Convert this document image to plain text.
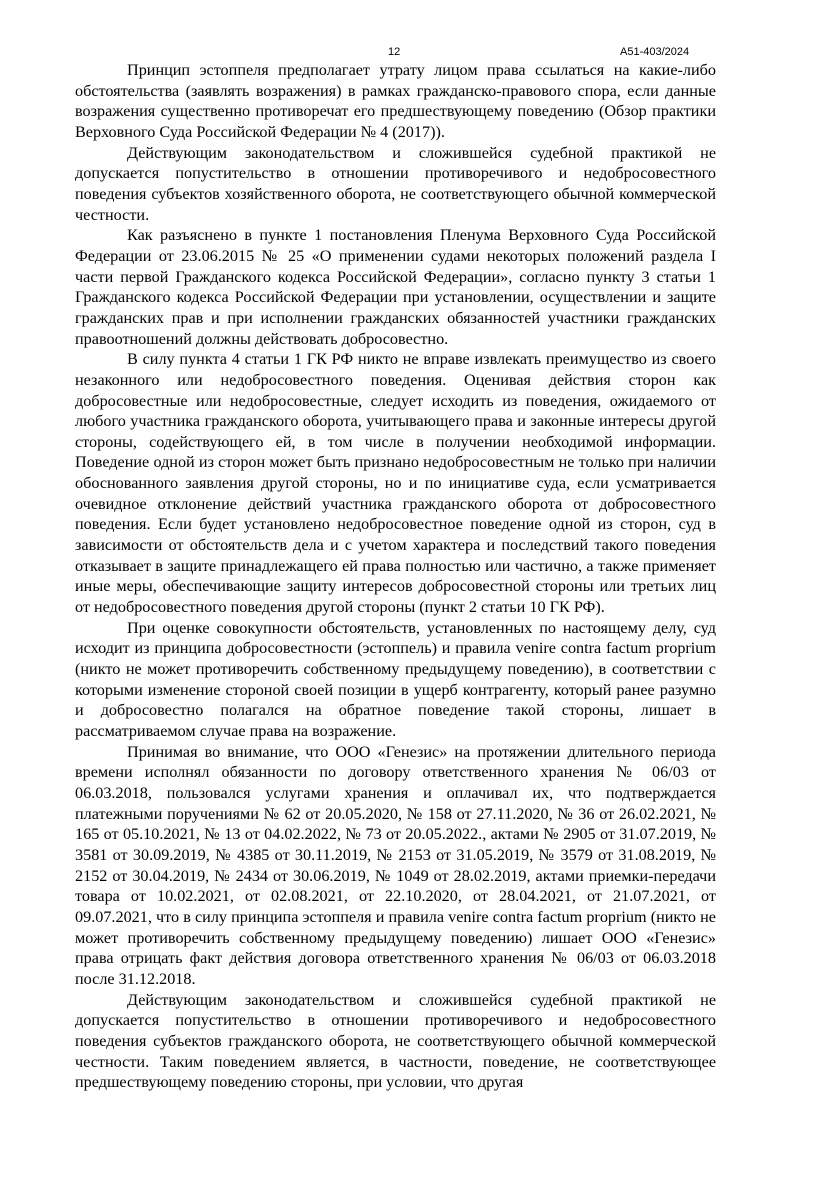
12	А51-403/2024

Принцип эстоппеля предполагает утрату лицом права ссылаться на какие-либо обстоятельства (заявлять возражения) в рамках гражданско-правового спора, если данные возражения существенно противоречат его предшествующему поведению (Обзор практики Верховного Суда Российской Федерации № 4 (2017)).

Действующим законодательством и сложившейся судебной практикой не допускается попустительство в отношении противоречивого и недобросовестного поведения субъектов хозяйственного оборота, не соответствующего обычной коммерческой честности.

Как разъяснено в пункте 1 постановления Пленума Верховного Суда Российской Федерации от 23.06.2015 № 25 «О применении судами некоторых положений раздела I части первой Гражданского кодекса Российской Федерации», согласно пункту 3 статьи 1 Гражданского кодекса Российской Федерации при установлении, осуществлении и защите гражданских прав и при исполнении гражданских обязанностей участники гражданских правоотношений должны действовать добросовестно.

В силу пункта 4 статьи 1 ГК РФ никто не вправе извлекать преимущество из своего незаконного или недобросовестного поведения. Оценивая действия сторон как добросовестные или недобросовестные, следует исходить из поведения, ожидаемого от любого участника гражданского оборота, учитывающего права и законные интересы другой стороны, содействующего ей, в том числе в получении необходимой информации. Поведение одной из сторон может быть признано недобросовестным не только при наличии обоснованного заявления другой стороны, но и по инициативе суда, если усматривается очевидное отклонение действий участника гражданского оборота от добросовестного поведения. Если будет установлено недобросовестное поведение одной из сторон, суд в зависимости от обстоятельств дела и с учетом характера и последствий такого поведения отказывает в защите принадлежащего ей права полностью или частично, а также применяет иные меры, обеспечивающие защиту интересов добросовестной стороны или третьих лиц от недобросовестного поведения другой стороны (пункт 2 статьи 10 ГК РФ).

При оценке совокупности обстоятельств, установленных по настоящему делу, суд исходит из принципа добросовестности (эстоппель) и правила venire contra factum proprium (никто не может противоречить собственному предыдущему поведению), в соответствии с которыми изменение стороной своей позиции в ущерб контрагенту, который ранее разумно и добросовестно полагался на обратное поведение такой стороны, лишает в рассматриваемом случае права на возражение.

Принимая во внимание, что ООО «Генезис» на протяжении длительного периода времени исполнял обязанности по договору ответственного хранения № 06/03 от 06.03.2018, пользовался услугами хранения и оплачивал их, что подтверждается платежными поручениями № 62 от 20.05.2020, № 158 от 27.11.2020, № 36 от 26.02.2021, № 165 от 05.10.2021, № 13 от 04.02.2022, № 73 от 20.05.2022., актами № 2905 от 31.07.2019, № 3581 от 30.09.2019, № 4385 от 30.11.2019, № 2153 от 31.05.2019, № 3579 от 31.08.2019, № 2152 от 30.04.2019, № 2434 от 30.06.2019, № 1049 от 28.02.2019, актами приемки-передачи товара от 10.02.2021, от 02.08.2021, от 22.10.2020, от 28.04.2021, от 21.07.2021, от 09.07.2021, что в силу принципа эстоппеля и правила venire contra factum proprium (никто не может противоречить собственному предыдущему поведению) лишает ООО «Генезис» права отрицать факт действия договора ответственного хранения № 06/03 от 06.03.2018 после 31.12.2018.

Действующим законодательством и сложившейся судебной практикой не допускается попустительство в отношении противоречивого и недобросовестного поведения субъектов гражданского оборота, не соответствующего обычной коммерческой честности. Таким поведением является, в частности, поведение, не соответствующее предшествующему поведению стороны, при условии, что другая
